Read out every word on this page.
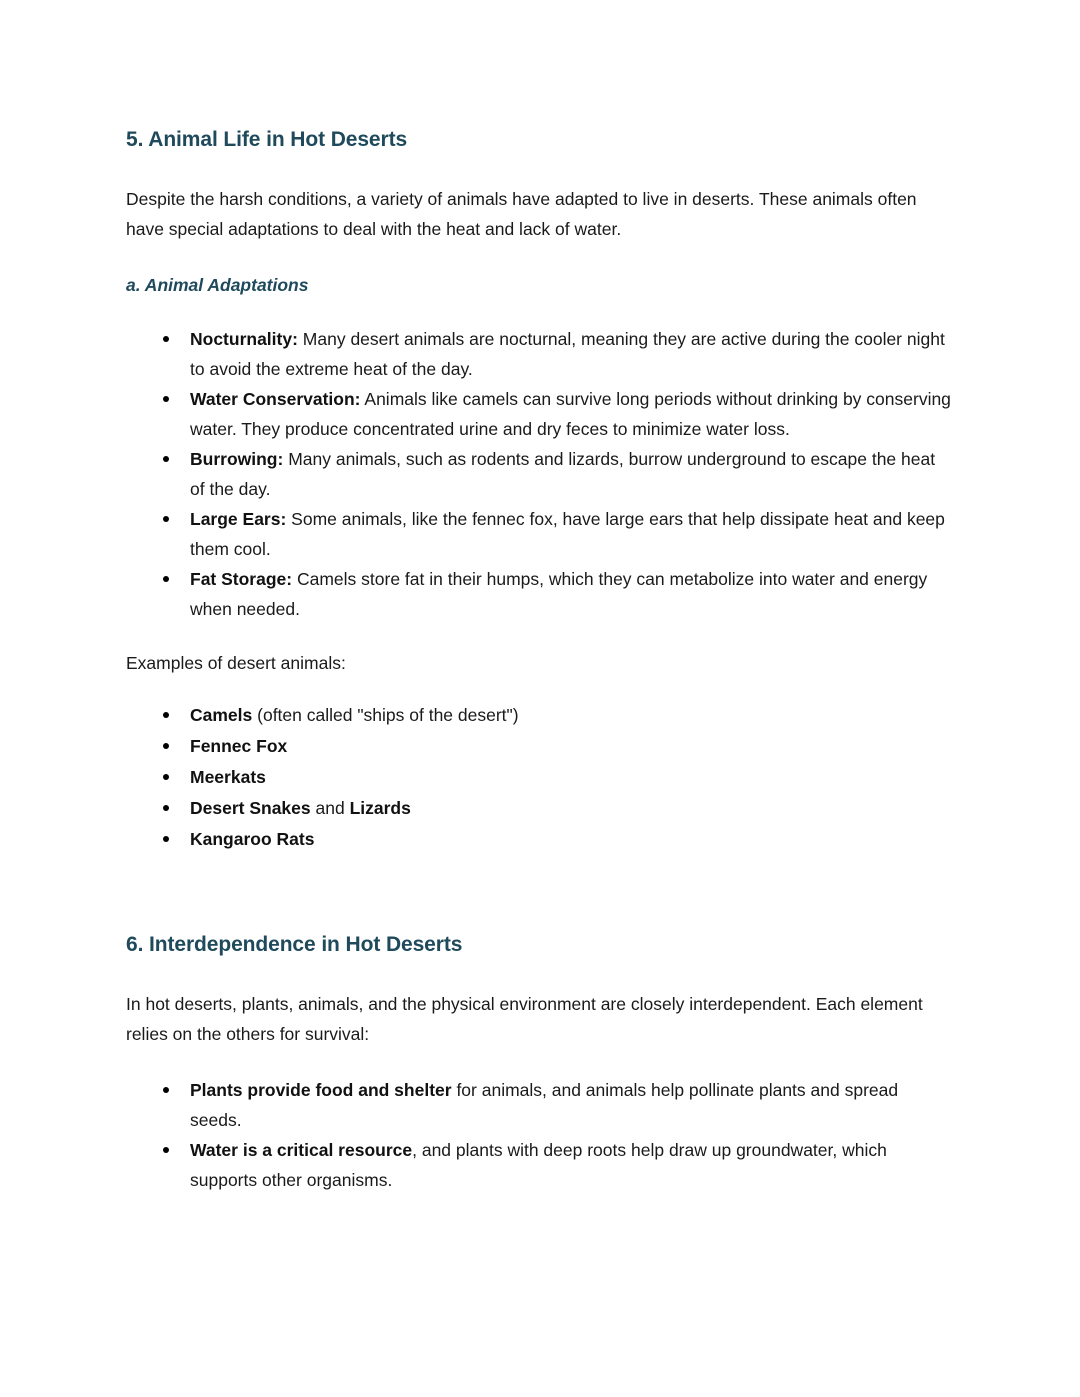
5. Animal Life in Hot Deserts

Despite the harsh conditions, a variety of animals have adapted to live in deserts. These animals often have special adaptations to deal with the heat and lack of water.

a. Animal Adaptations
Nocturnality: Many desert animals are nocturnal, meaning they are active during the cooler night to avoid the extreme heat of the day.
Water Conservation: Animals like camels can survive long periods without drinking by conserving water. They produce concentrated urine and dry feces to minimize water loss.
Burrowing: Many animals, such as rodents and lizards, burrow underground to escape the heat of the day.
Large Ears: Some animals, like the fennec fox, have large ears that help dissipate heat and keep them cool.
Fat Storage: Camels store fat in their humps, which they can metabolize into water and energy when needed.

Examples of desert animals:

Camels (often called "ships of the desert")
Fennec Fox
Meerkats
Desert Snakes and Lizards
Kangaroo Rats
6. Interdependence in Hot Deserts

In hot deserts, plants, animals, and the physical environment are closely interdependent. Each element relies on the others for survival:

Plants provide food and shelter for animals, and animals help pollinate plants and spread seeds.
Water is a critical resource, and plants with deep roots help draw up groundwater, which supports other organisms.
